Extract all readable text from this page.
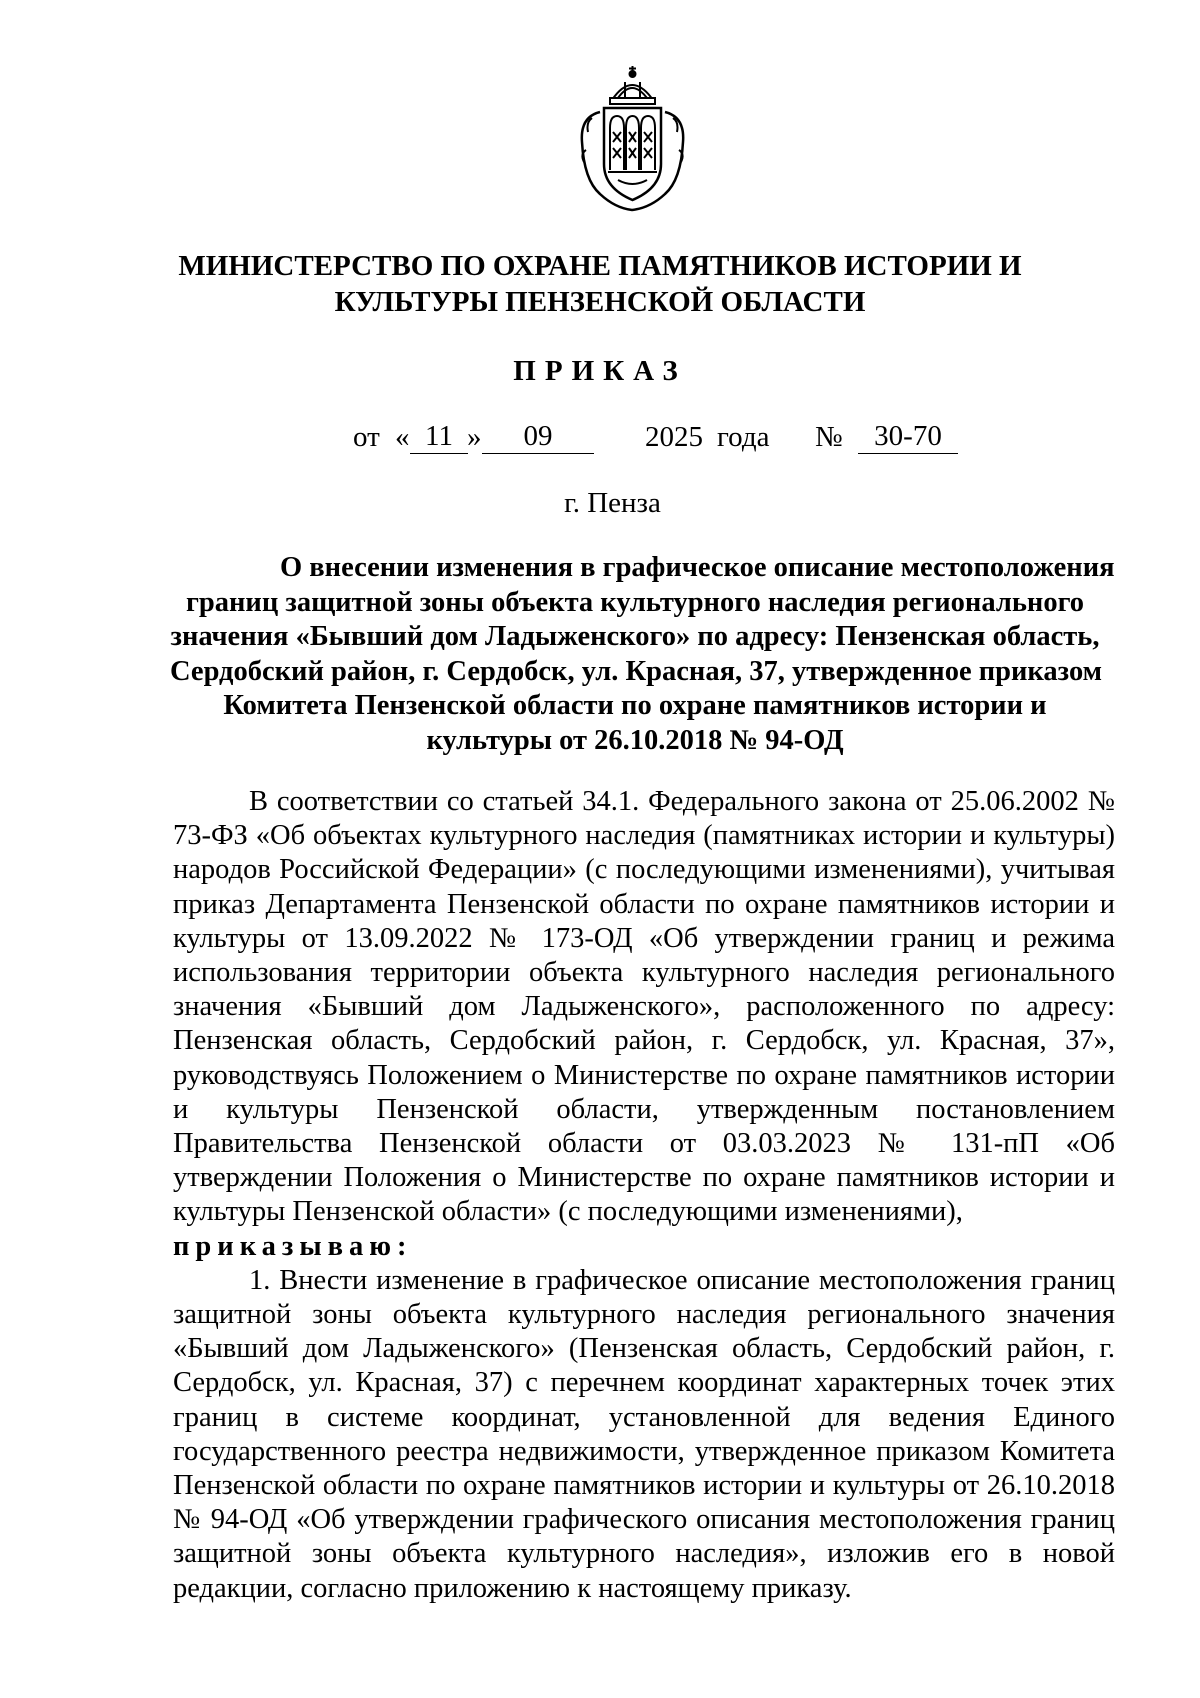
МИНИСТЕРСТВО ПО ОХРАНЕ ПАМЯТНИКОВ ИСТОРИИ И
КУЛЬТУРЫ ПЕНЗЕНСКОЙ ОБЛАСТИ
ПРИКАЗ
от « 11 »	09	2025 года №	30-70
г. Пенза
О внесении изменения в графическое описание местоположения
границ защитной зоны объекта культурного наследия регионального
значения «Бывший дом Ладыженского» по адресу: Пензенская область,
Сердобский район, г. Сердобск, ул. Красная, 37, утвержденное приказом
Комитета Пензенской области по охране памятников истории и
культуры от 26.10.2018 № 94-ОД

В соответствии со статьей 34.1. Федерального закона от 25.06.2002 № 73-ФЗ «Об объектах культурного наследия (памятниках истории и культуры) народов Российской Федерации» (с последующими изменениями), учитывая приказ Департамента Пензенской области по охране памятников истории и культуры от 13.09.2022 № 173-ОД «Об утверждении границ и режима использования территории объекта культурного наследия регионального значения «Бывший дом Ладыженского», расположенного по адресу: Пензенская область, Сердобский район, г. Сердобск, ул. Красная, 37», руководствуясь Положением о Министерстве по охране памятников истории и культуры Пензенской области, утвержденным постановлением Правительства Пензенской области от 03.03.2023 № 131-пП «Об утверждении Положения о Министерстве по охране памятников истории и культуры Пензенской области» (с последующими изменениями),
приказываю:

1. Внести изменение в графическое описание местоположения границ защитной зоны объекта культурного наследия регионального значения «Бывший дом Ладыженского» (Пензенская область, Сердобский район, г. Сердобск, ул. Красная, 37) с перечнем координат характерных точек этих границ в системе координат, установленной для ведения Единого государственного реестра недвижимости, утвержденное приказом Комитета Пензенской области по охране памятников истории и культуры от 26.10.2018 № 94-ОД «Об утверждении графического описания местоположения границ защитной зоны объекта культурного наследия», изложив его в новой редакции, согласно приложению к настоящему приказу.
